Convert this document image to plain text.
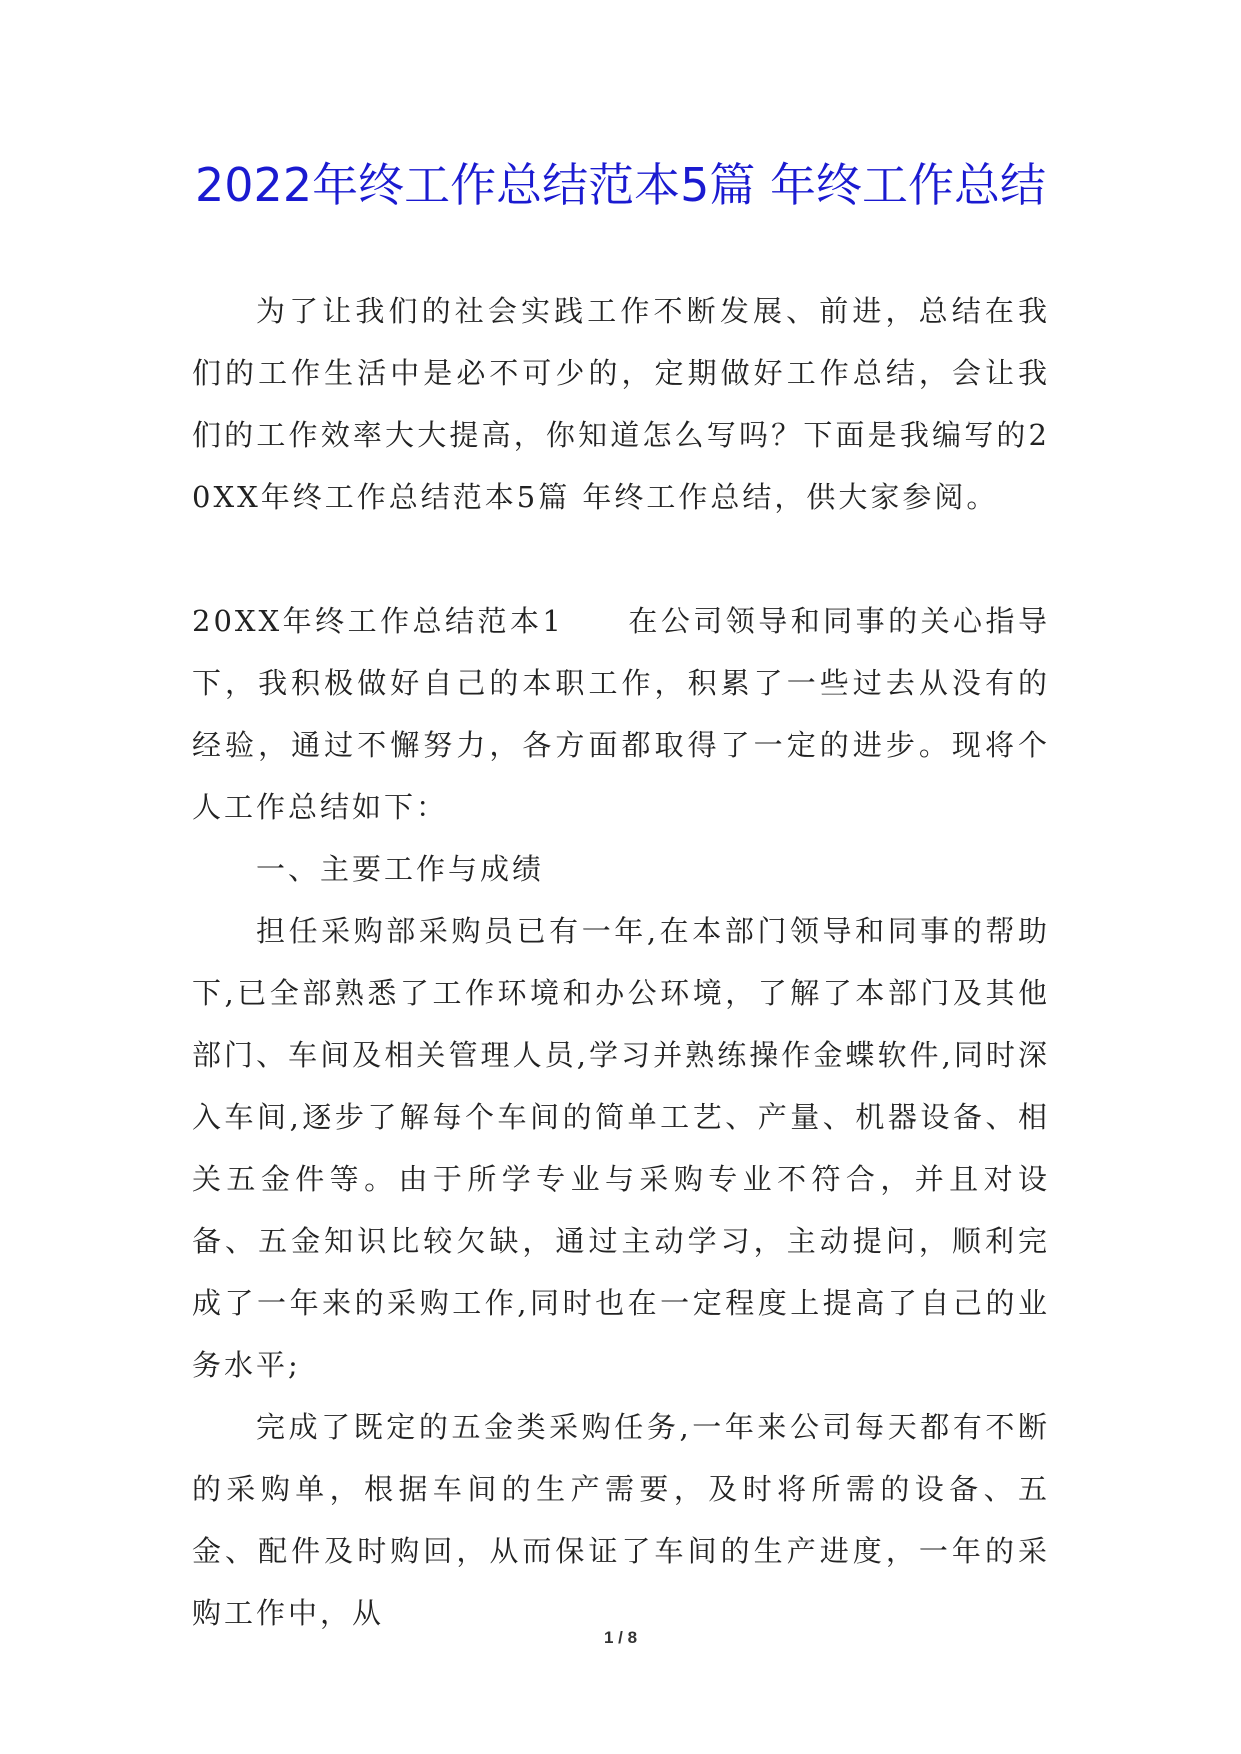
2022年终工作总结范本5篇 年终工作总结

为了让我们的社会实践工作不断发展、前进，总结在我们的工作生活中是必不可少的，定期做好工作总结，会让我们的工作效率大大提高，你知道怎么写吗？下面是我编写的20XX年终工作总结范本5篇 年终工作总结，供大家参阅。

20XX年终工作总结范本1 在公司领导和同事的关心指导下，我积极做好自己的本职工作，积累了一些过去从没有的经验，通过不懈努力，各方面都取得了一定的进步。现将个人工作总结如下：

一、主要工作与成绩

担任采购部采购员已有一年,在本部门领导和同事的帮助下,已全部熟悉了工作环境和办公环境，了解了本部门及其他部门、车间及相关管理人员,学习并熟练操作金蝶软件,同时深入车间,逐步了解每个车间的简单工艺、产量、机器设备、相关五金件等。由于所学专业与采购专业不符合，并且对设备、五金知识比较欠缺，通过主动学习，主动提问，顺利完成了一年来的采购工作,同时也在一定程度上提高了自己的业务水平;

完成了既定的五金类采购任务,一年来公司每天都有不断的采购单，根据车间的生产需要，及时将所需的设备、五金、配件及时购回，从而保证了车间的生产进度，一年的采购工作中，从

1 / 8
